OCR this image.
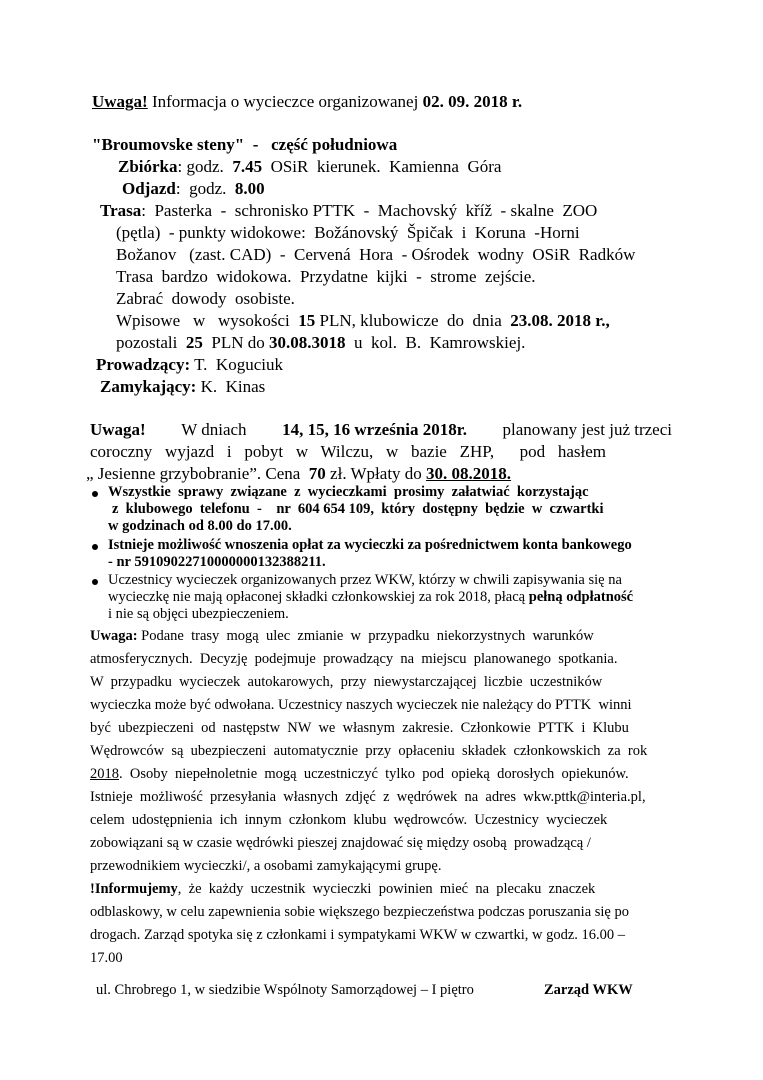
Uwaga! Informacja o wycieczce organizowanej 02. 09. 2018 r.
"Broumovske steny"  -   część południowa
Zbiórka: godz. 7.45 OSiR  kierunek.  Kamienna  Góra
Odjazd:  godz. 8.00
Trasa:  Pasterka  -  schronisko PTTK  -  Machovský  kříž  - skalne  ZOO
(pętla)  - punkty widokowe:  Božánovský  Špičak  i  Koruna  -Horni
Božanov   (zast. CAD)  -  Cervená  Hora  - Ośrodek  wodny  OSiR  Radków
Trasa  bardzo  widokowa.  Przydatne  kijki  -  strome  zejście.
Zabrać  dowody  osobiste.
Wpisowe   w   wysokości 15 PLN, klubowicze  do  dnia 23.08. 2018 r.,
pozostali 25 PLN do 30.08.3018 u  kol.  B.  Kamrowskiej.
Prowadzący: T.  Koguciuk
Zamykający: K.  Kinas
Uwaga! W dniach 14, 15, 16 września 2018r. planowany jest już trzeci
coroczny   wyjazd   i   pobyt   w   Wilczu,   w   bazie   ZHP,      pod   hasłem
„ Jesienne grzybobranie”. Cena 70 zł. Wpłaty do 30. 08.2018.
Wszystkie  sprawy  związane  z  wycieczkami  prosimy  załatwiać  korzystając
z  klubowego  telefonu  -    nr  604 654 109,  który  dostępny  będzie  w  czwartki
w godzinach od 8.00 do 17.00.
Istnieje możliwość wnoszenia opłat za wycieczki za pośrednictwem konta bankowego
- nr 59109022710000000132388211.
Uczestnicy wycieczek organizowanych przez WKW, którzy w chwili zapisywania się na
wycieczkę nie mają opłaconej składki członkowskiej za rok 2018, płacą pełną odpłatność
i nie są objęci ubezpieczeniem.
Uwaga: Podane  trasy  mogą  ulec  zmianie  w  przypadku  niekorzystnych  warunków
atmosferycznych.  Decyzję  podejmuje  prowadzący  na  miejscu  planowanego  spotkania.
W  przypadku  wycieczek  autokarowych,  przy  niewystarczającej  liczbie  uczestników
wycieczka może być odwołana. Uczestnicy naszych wycieczek nie należący do PTTK  winni
być  ubezpieczeni  od  następstw  NW  we  własnym  zakresie.  Członkowie  PTTK  i  Klubu
Wędrowców  są  ubezpieczeni  automatycznie  przy  opłaceniu  składek  członkowskich  za  rok
2018.  Osoby  niepełnoletnie  mogą  uczestniczyć  tylko  pod  opieką  dorosłych  opiekunów.
Istnieje  możliwość  przesyłania  własnych  zdjęć  z  wędrówek  na  adres  wkw.pttk@interia.pl,
celem  udostępnienia  ich  innym  członkom  klubu  wędrowców.  Uczestnicy  wycieczek
zobowiązani są w czasie wędrówki pieszej znajdować się między osobą  prowadzącą /
przewodnikiem wycieczki/, a osobami zamykającymi grupę.
!Informujemy,  że  każdy  uczestnik  wycieczki  powinien  mieć  na  plecaku  znaczek
odblaskowy, w celu zapewnienia sobie większego bezpieczeństwa podczas poruszania się po
drogach. Zarząd spotyka się z członkami i sympatykami WKW w czwartki, w godz. 16.00 –
17.00
ul. Chrobrego 1, w siedzibie Wspólnoty Samorządowej – I piętro	Zarząd WKW
